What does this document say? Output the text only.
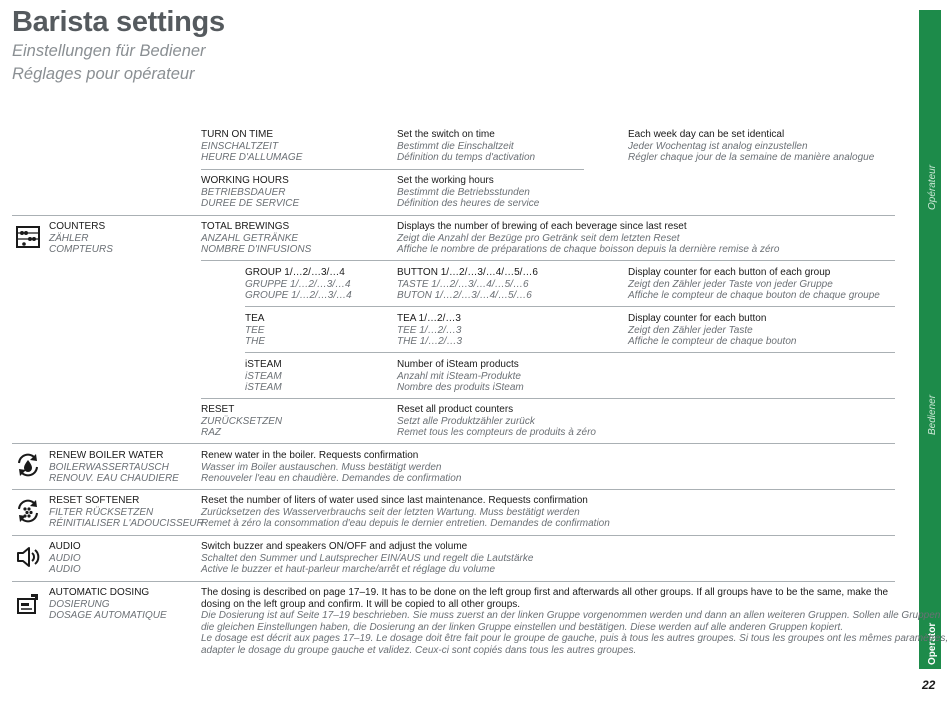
Barista settings
Einstellungen für Bediener
Réglages pour opérateur
Opérateur
Bediener
Operator
22
TURN ON TIME
EINSCHALTZEIT
HEURE D'ALLUMAGE
Set the switch on time
Bestimmt die Einschaltzeit
Définition du temps d'activation
Each week day can be set identical
Jeder Wochentag ist analog einzustellen
Régler chaque jour de la semaine de manière analogue
WORKING HOURS
BETRIEBSDAUER
DUREE DE SERVICE
Set the working hours
Bestimmt die Betriebsstunden
Définition des heures de service
COUNTERS
ZÄHLER
COMPTEURS
TOTAL BREWINGS
ANZAHL GETRÄNKE
NOMBRE D'INFUSIONS
Displays the number of brewing of each beverage since last reset
Zeigt die Anzahl der Bezüge pro Getränk seit dem letzten Reset
Affiche le nombre de préparations de chaque boisson depuis la dernière remise à zéro
GROUP 1/…2/…3/…4
GRUPPE 1/…2/…3/…4
GROUPE 1/…2/…3/…4
BUTTON 1/…2/…3/…4/…5/…6
TASTE 1/…2/…3/…4/…5/…6
BUTON 1/…2/…3/…4/…5/…6
Display counter for each button of each group
Zeigt den Zähler jeder Taste von jeder Gruppe
Affiche le compteur de chaque bouton de chaque groupe
TEA
TEE
THE
TEA 1/…2/…3
TEE 1/…2/…3
THE 1/…2/…3
Display counter for each button
Zeigt den Zähler jeder Taste
Affiche le compteur de chaque bouton
iSTEAM
iSTEAM
iSTEAM
Number of iSteam products
Anzahl mit iSteam-Produkte
Nombre des produits iSteam
RESET
ZURÜCKSETZEN
RAZ
Reset all product counters
Setzt alle Produktzähler zurück
Remet tous les compteurs de produits à zéro
RENEW BOILER WATER
BOILERWASSERTAUSCH
RENOUV. EAU CHAUDIERE
Renew water in the boiler. Requests confirmation
Wasser im Boiler austauschen. Muss bestätigt werden
Renouveler l'eau en chaudière. Demandes de confirmation
RESET SOFTENER
FILTER RÜCKSETZEN
RÉINITIALISER L'ADOUCISSEUR
Reset the number of liters of water used since last maintenance. Requests confirmation
Zurücksetzen des Wasserverbrauchs seit der letzten Wartung. Muss bestätigt werden
Remet à zéro la consommation d'eau depuis le dernier entretien. Demandes de confirmation
AUDIO
AUDIO
AUDIO
Switch buzzer and speakers ON/OFF and adjust the volume
Schaltet den Summer und Lautsprecher EIN/AUS und regelt die Lautstärke
Active le buzzer et haut-parleur marche/arrêt et réglage du volume
AUTOMATIC DOSING
DOSIERUNG
DOSAGE AUTOMATIQUE
The dosing is described on page 17–19. It has to be done on the left group first and afterwards all other groups. If all groups have to be the same, make the
dosing on the left group and confirm. It will be copied to all other groups.
Die Dosierung ist auf Seite 17–19 beschrieben. Sie muss zuerst an der linken Gruppe vorgenommen werden und dann an allen weiteren Gruppen. Sollen alle Gruppen
die gleichen Einstellungen haben, die Dosierung an der linken Gruppe einstellen und bestätigen. Diese werden auf alle anderen Gruppen kopiert.
Le dosage est décrit aux pages 17–19. Le dosage doit être fait pour le groupe de gauche, puis à tous les autres groupes. Si tous les groupes ont les mêmes paramètres,
adapter le dosage du groupe gauche et validez. Ceux-ci sont copiés dans tous les autres groupes.
